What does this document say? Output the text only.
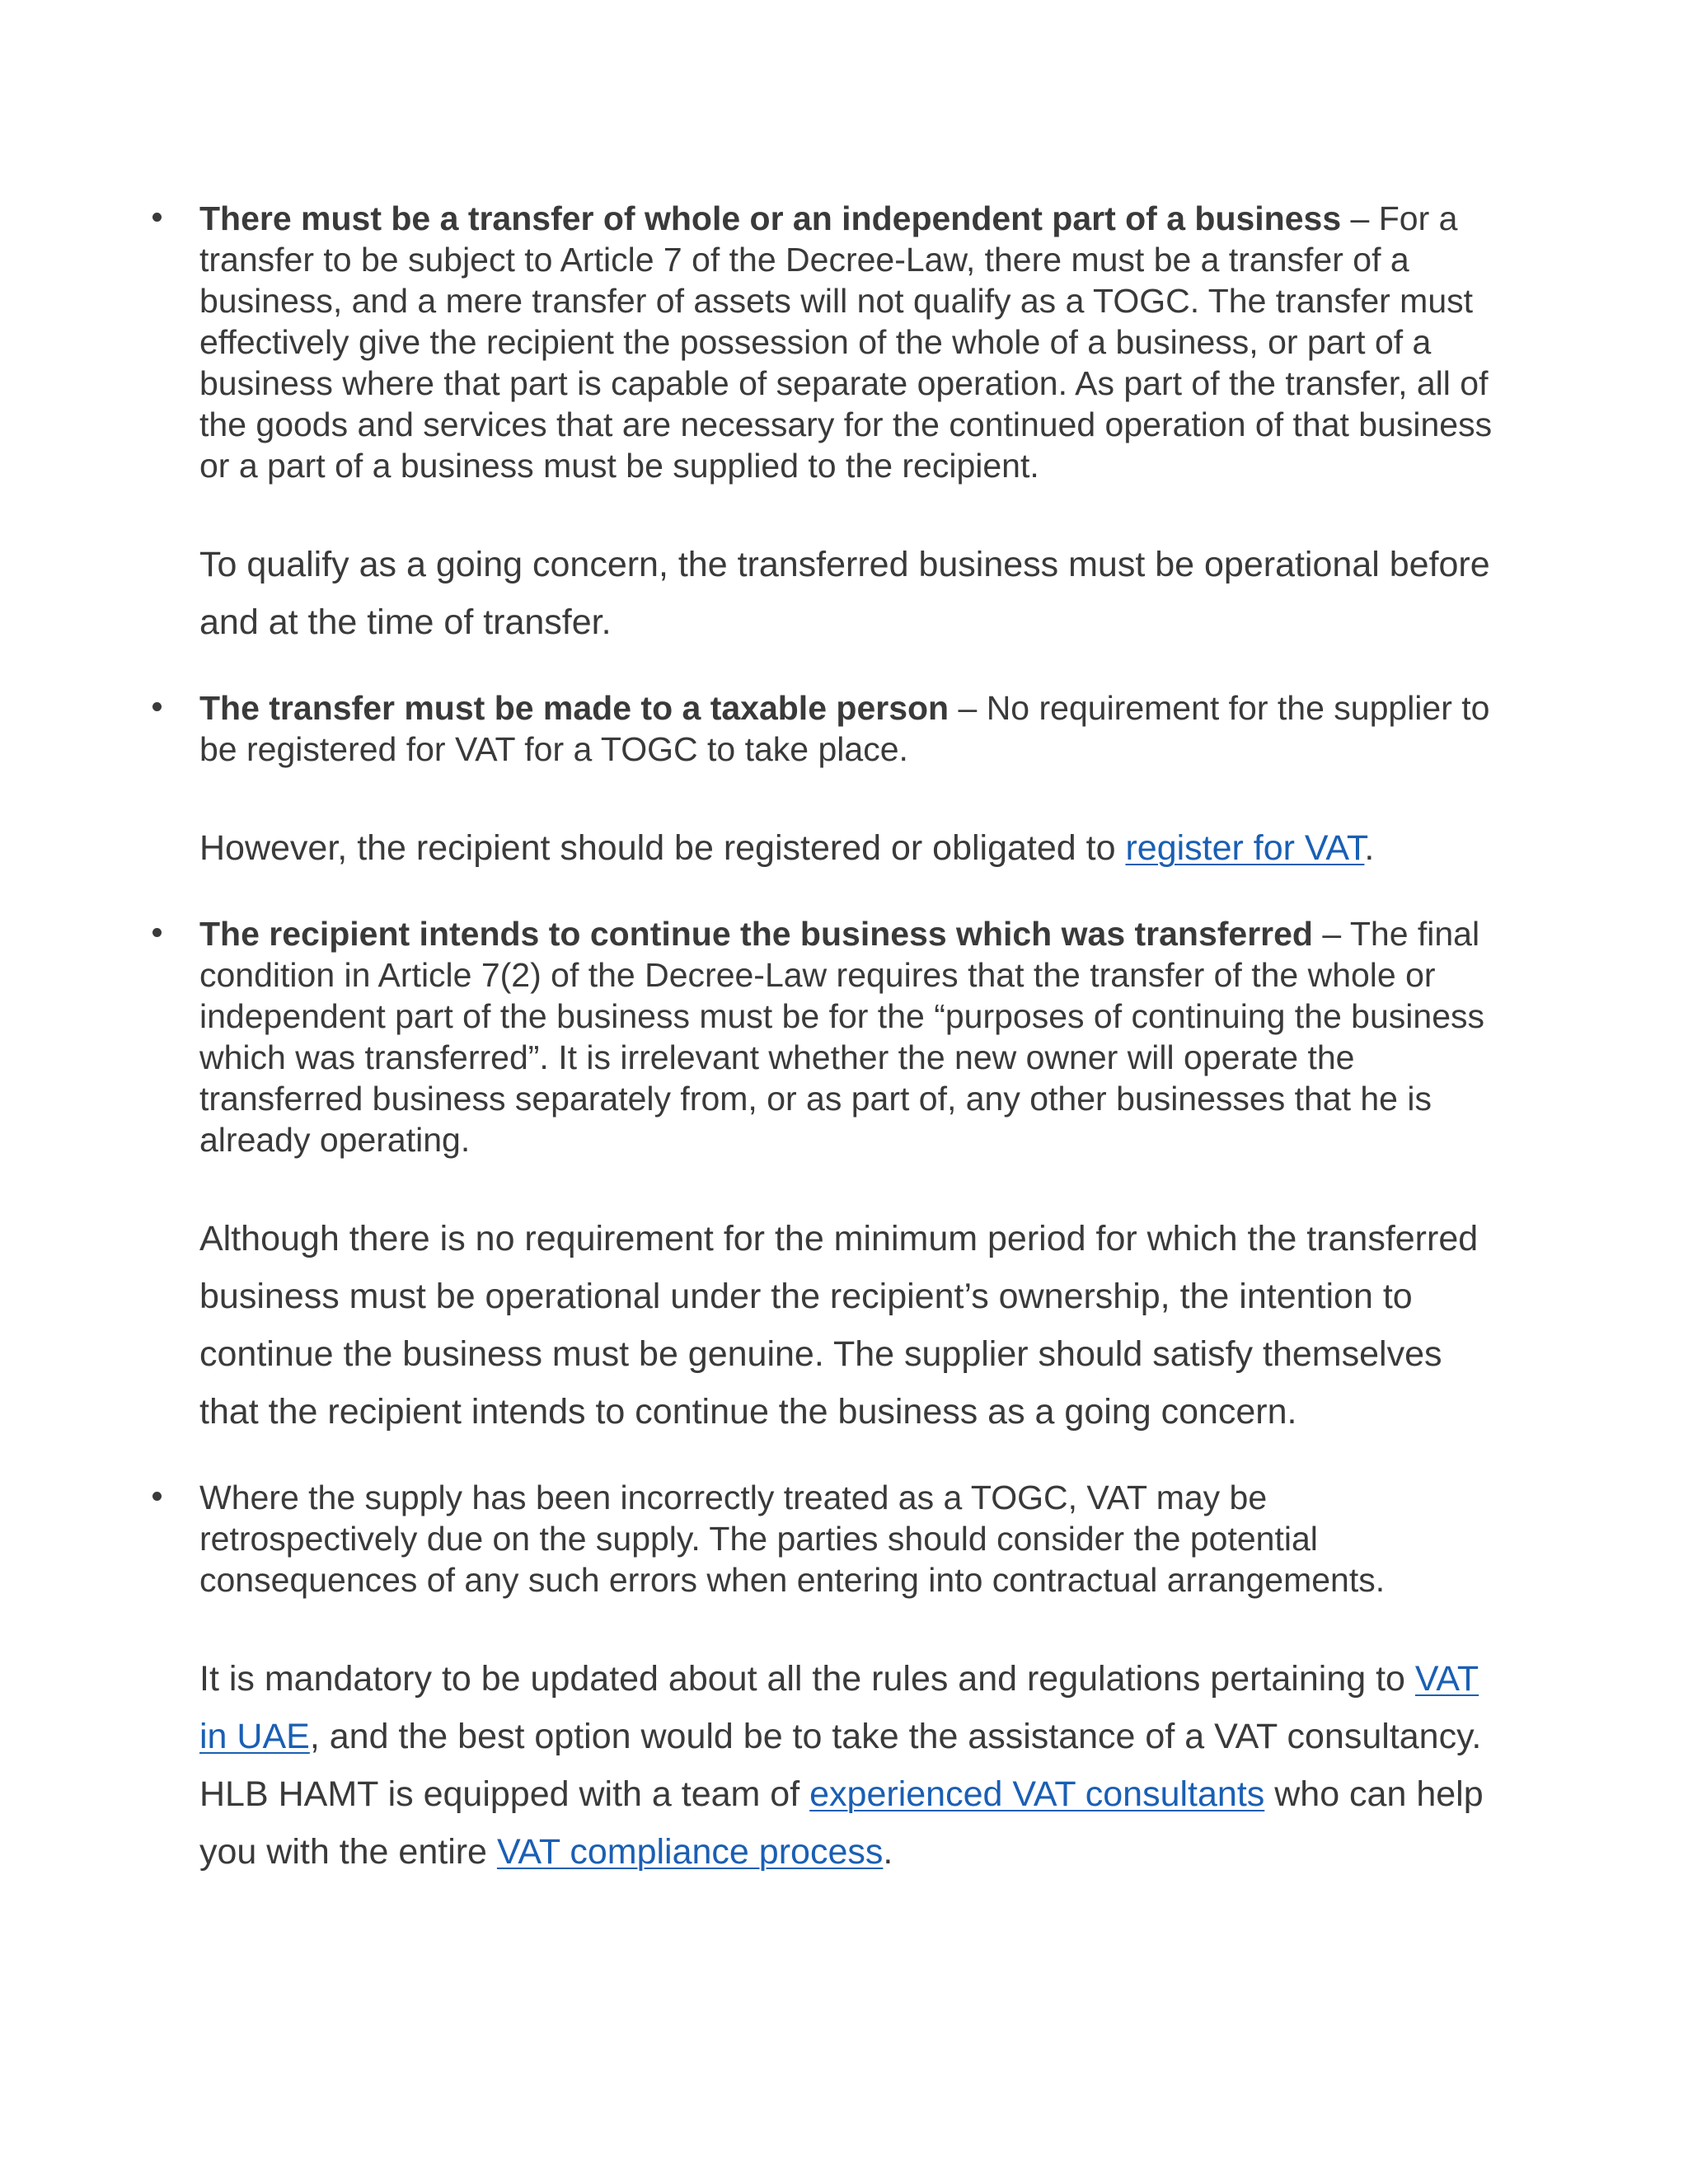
There must be a transfer of whole or an independent part of a business – For a transfer to be subject to Article 7 of the Decree-Law, there must be a transfer of a business, and a mere transfer of assets will not qualify as a TOGC. The transfer must effectively give the recipient the possession of the whole of a business, or part of a business where that part is capable of separate operation. As part of the transfer, all of the goods and services that are necessary for the continued operation of that business or a part of a business must be supplied to the recipient.

To qualify as a going concern, the transferred business must be operational before and at the time of transfer.

The transfer must be made to a taxable person – No requirement for the supplier to be registered for VAT for a TOGC to take place.

However, the recipient should be registered or obligated to register for VAT.

The recipient intends to continue the business which was transferred – The final condition in Article 7(2) of the Decree-Law requires that the transfer of the whole or independent part of the business must be for the “purposes of continuing the business which was transferred”. It is irrelevant whether the new owner will operate the transferred business separately from, or as part of, any other businesses that he is already operating.

Although there is no requirement for the minimum period for which the transferred business must be operational under the recipient’s ownership, the intention to continue the business must be genuine. The supplier should satisfy themselves that the recipient intends to continue the business as a going concern.

Where the supply has been incorrectly treated as a TOGC, VAT may be retrospectively due on the supply. The parties should consider the potential consequences of any such errors when entering into contractual arrangements.

It is mandatory to be updated about all the rules and regulations pertaining to VAT in UAE, and the best option would be to take the assistance of a VAT consultancy. HLB HAMT is equipped with a team of experienced VAT consultants who can help you with the entire VAT compliance process.
